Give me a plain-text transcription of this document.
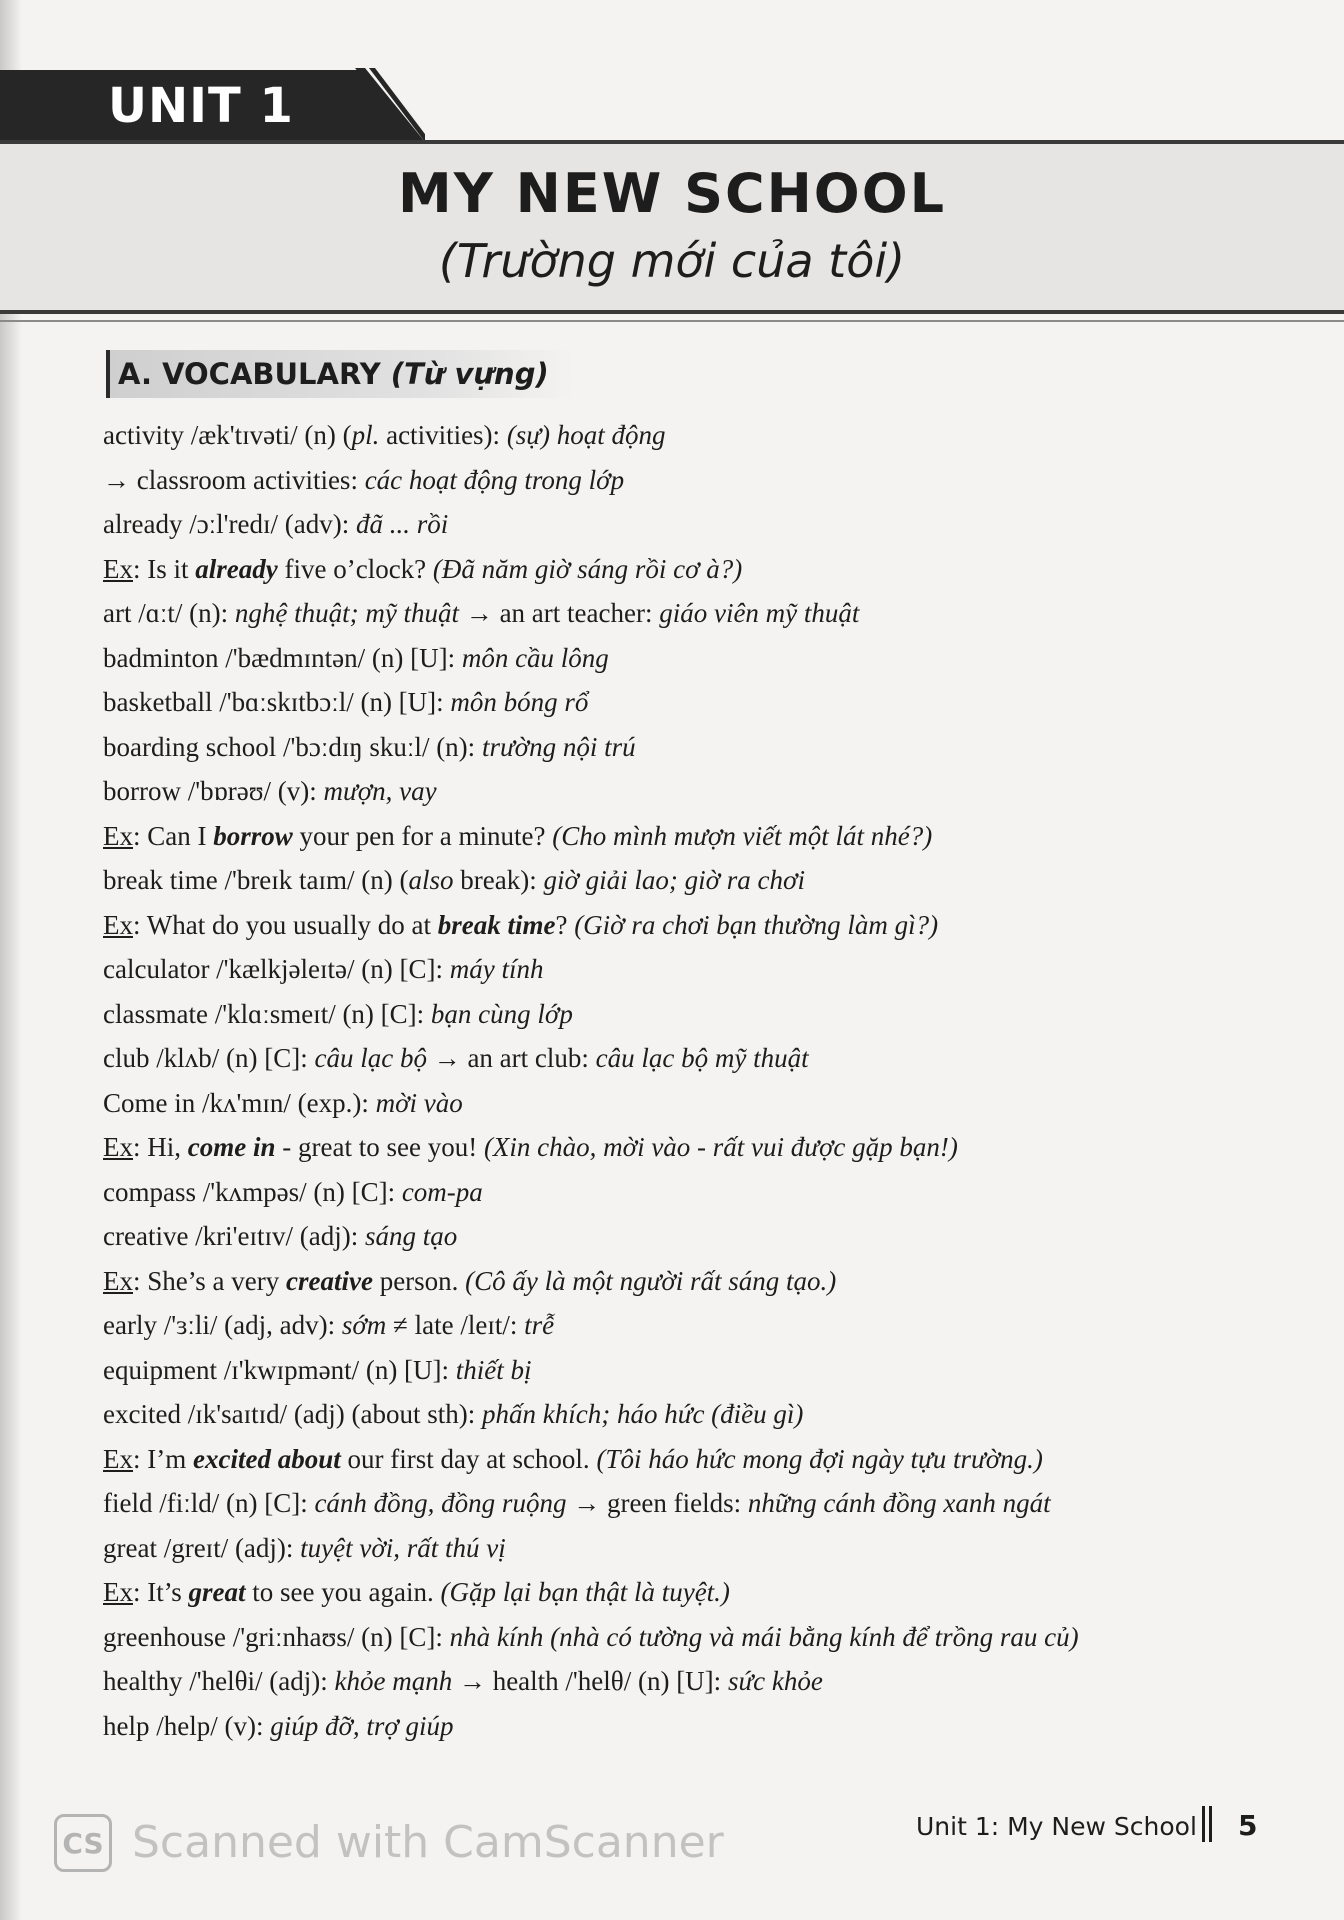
UNIT 1
MY NEW SCHOOL
(Trường mới của tôi)
A. VOCABULARY (Từ vựng)
activity /æk'tɪvəti/ (n) (pl. activities): (sự) hoạt động
→ classroom activities: các hoạt động trong lớp
already /ɔːl'redɪ/ (adv): đã ... rồi
Ex: Is it already five o’clock? (Đã năm giờ sáng rồi cơ à?)
art /ɑːt/ (n): nghệ thuật; mỹ thuật → an art teacher: giáo viên mỹ thuật
badminton /'bædmɪntən/ (n) [U]: môn cầu lông
basketball /'bɑːskɪtbɔːl/ (n) [U]: môn bóng rổ
boarding school /'bɔːdɪŋ skuːl/ (n): trường nội trú
borrow /'bɒrəʊ/ (v): mượn, vay
Ex: Can I borrow your pen for a minute? (Cho mình mượn viết một lát nhé?)
break time /'breɪk taɪm/ (n) (also break): giờ giải lao; giờ ra chơi
Ex: What do you usually do at break time? (Giờ ra chơi bạn thường làm gì?)
calculator /'kælkjəleɪtə/ (n) [C]: máy tính
classmate /'klɑːsmeɪt/ (n) [C]: bạn cùng lớp
club /klʌb/ (n) [C]: câu lạc bộ → an art club: câu lạc bộ mỹ thuật
Come in /kʌ'mɪn/ (exp.): mời vào
Ex: Hi, come in - great to see you! (Xin chào, mời vào - rất vui được gặp bạn!)
compass /'kʌmpəs/ (n) [C]: com-pa
creative /kri'eɪtɪv/ (adj): sáng tạo
Ex: She’s a very creative person. (Cô ấy là một người rất sáng tạo.)
early /'ɜːli/ (adj, adv): sớm ≠ late /leɪt/: trễ
equipment /ɪ'kwɪpmənt/ (n) [U]: thiết bị
excited /ɪk'saɪtɪd/ (adj) (about sth): phấn khích; háo hức (điều gì)
Ex: I’m excited about our first day at school. (Tôi háo hức mong đợi ngày tựu trường.)
field /fiːld/ (n) [C]: cánh đồng, đồng ruộng → green fields: những cánh đồng xanh ngát
great /greɪt/ (adj): tuyệt vời, rất thú vị
Ex: It’s great to see you again. (Gặp lại bạn thật là tuyệt.)
greenhouse /'griːnhaʊs/ (n) [C]: nhà kính (nhà có tường và mái bằng kính để trồng rau củ)
healthy /'helθi/ (adj): khỏe mạnh → health /'helθ/ (n) [U]: sức khỏe
help /help/ (v): giúp đỡ, trợ giúp
Unit 1: My New School 5
CS Scanned with CamScanner
